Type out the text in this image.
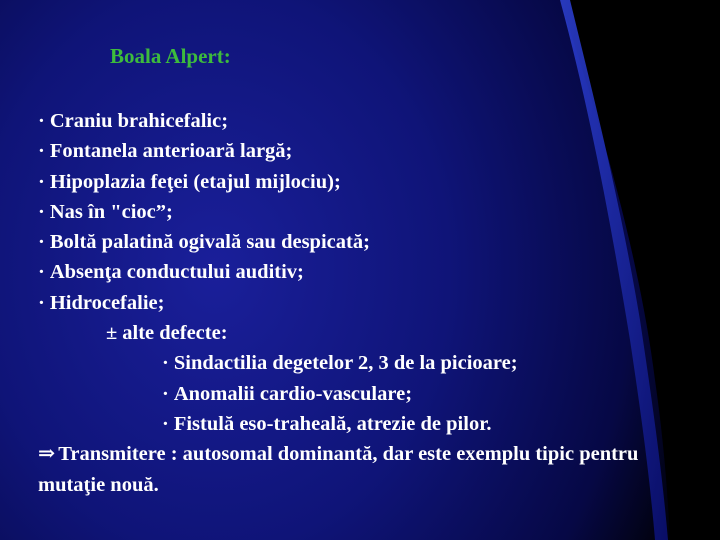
Boala Alpert:
· Craniu brahicefalic;
· Fontanela anterioară largă;
· Hipoplazia feţei (etajul mijlociu);
· Nas în "cioc”;
· Boltă palatină ogivală sau despicată;
· Absenţa conductului auditiv;
· Hidrocefalie;
± alte defecte:
· Sindactilia degetelor 2, 3 de la picioare;
· Anomalii cardio-vasculare;
· Fistulă eso-traheală, atrezie de pilor.
⇒ Transmitere : autosomal dominantă, dar este exemplu tipic pentru mutaţie nouă.
